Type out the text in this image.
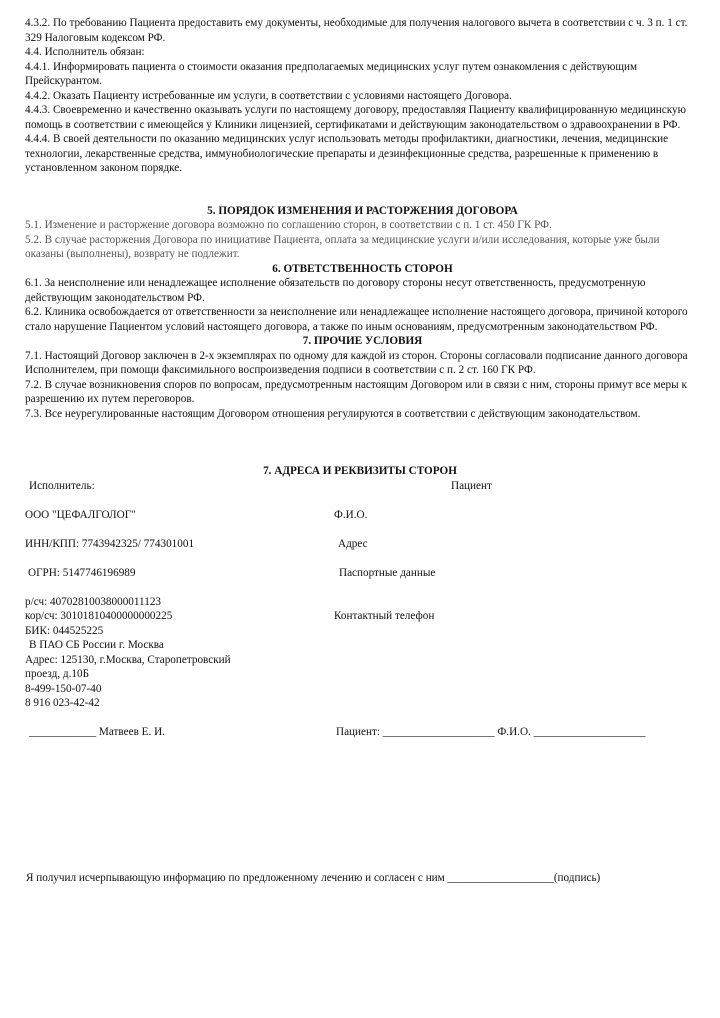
4.3.2. По требованию Пациента предоставить ему документы, необходимые для получения налогового вычета в соответствии с ч. 3 п. 1 ст. 329 Налоговым кодексом РФ.

4.4. Исполнитель обязан:

4.4.1. Информировать пациента о стоимости оказания предполагаемых медицинских услуг путем ознакомления с действующим Прейскурантом.

4.4.2. Оказать Пациенту истребованные им услуги, в соответствии с условиями настоящего Договора.

4.4.3. Своевременно и качественно оказывать услуги по настоящему договору, предоставляя Пациенту квалифицированную медицинскую помощь в соответствии с имеющейся у Клиники лицензией, сертификатами и действующим законодательством о здравоохранении в РФ.

4.4.4. В своей деятельности по оказанию медицинских услуг использовать методы профилактики, диагностики, лечения, медицинские технологии, лекарственные средства, иммунобиологические препараты и дезинфекционные средства, разрешенные к применению в установленном законом порядке.

5. ПОРЯДОК ИЗМЕНЕНИЯ И РАСТОРЖЕНИЯ ДОГОВОРА

5.1. Изменение и расторжение договора возможно по соглашению сторон, в соответствии с п. 1 ст. 450 ГК РФ.

5.2. В случае расторжения Договора по инициативе Пациента, оплата за медицинские услуги и/или исследования, которые уже были оказаны (выполнены), возврату не подлежит.

6. ОТВЕТСТВЕННОСТЬ СТОРОН

6.1. За неисполнение или ненадлежащее исполнение обязательств по договору стороны несут ответственность, предусмотренную действующим законодательством РФ.

6.2. Клиника освобождается от ответственности за неисполнение или ненадлежащее исполнение настоящего договора, причиной которого стало нарушение Пациентом условий настоящего договора, а также по иным основаниям, предусмотренным законодательством РФ.

7. ПРОЧИЕ УСЛОВИЯ

7.1. Настоящий Договор заключен в 2-х экземплярах по одному для каждой из сторон. Стороны согласовали подписание данного договора Исполнителем, при помощи факсимильного воспроизведения подписи в соответствии с п. 2 ст. 160 ГК РФ.

7.2. В случае возникновения споров по вопросам, предусмотренным настоящим Договором или в связи с ним, стороны примут все меры к разрешению их путем переговоров.

7.3. Все неурегулированные настоящим Договором отношения регулируются в соответствии с действующим законодательством.

7. АДРЕСА И РЕКВИЗИТЫ СТОРОН
Исполнитель:	Пациент
ООО "ЦЕФАЛГОЛОГ"	Ф.И.О.
ИНН/КПП: 7743942325/ 774301001	Адрес
ОГРН: 5147746196989	Паспортные данные
р/сч: 40702810038000011123
кор/сч: 30101810400000000225	Контактный телефон
БИК: 044525225
В ПАО СБ России г. Москва
Адрес: 125130, г.Москва, Старопетровский
проезд, д.10Б
8-499-150-07-40
8 916 023-42-42
____________ Матвеев Е. И.	Пациент: ____________________ Ф.И.О. ____________________
Я получил исчерпывающую информацию по предложенному лечению и согласен с ним ___________________(подпись)
